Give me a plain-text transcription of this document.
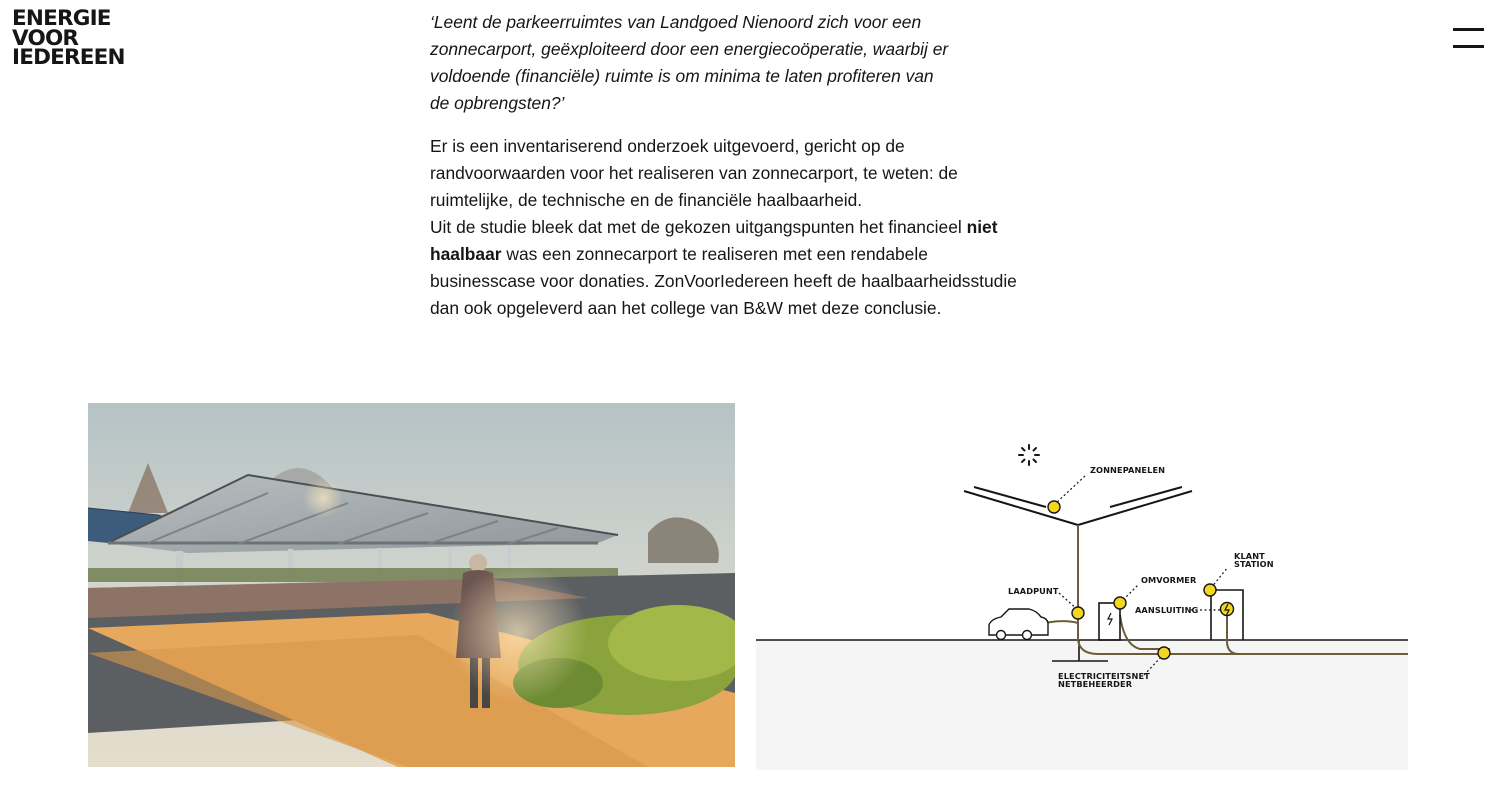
ENERGIE
VOOR
IEDEREEN

‘Leent de parkeerruimtes van Landgoed Nienoord zich voor een
zonnecarport, geëxploiteerd door een energiecoöperatie, waarbij er
voldoende (financiële) ruimte is om minima te laten profiteren van
de opbrengsten?’

Er is een inventariserend onderzoek uitgevoerd, gericht op de
randvoorwaarden voor het realiseren van zonnecarport, te weten: de
ruimtelijke, de technische en de financiële haalbaarheid.
Uit de studie bleek dat met de gekozen uitgangspunten het financieel niet
haalbaar was een zonnecarport te realiseren met een rendabele
businesscase voor donaties. ZonVoorIedereen heeft de haalbaarheidsstudie
dan ook opgeleverd aan het college van B&W met deze conclusie.

ZONNEPANELEN
LAADPUNT
OMVORMER
KLANT
STATION
AANSLUITING
ELECTRICITEITSNET
NETBEHEERDER
